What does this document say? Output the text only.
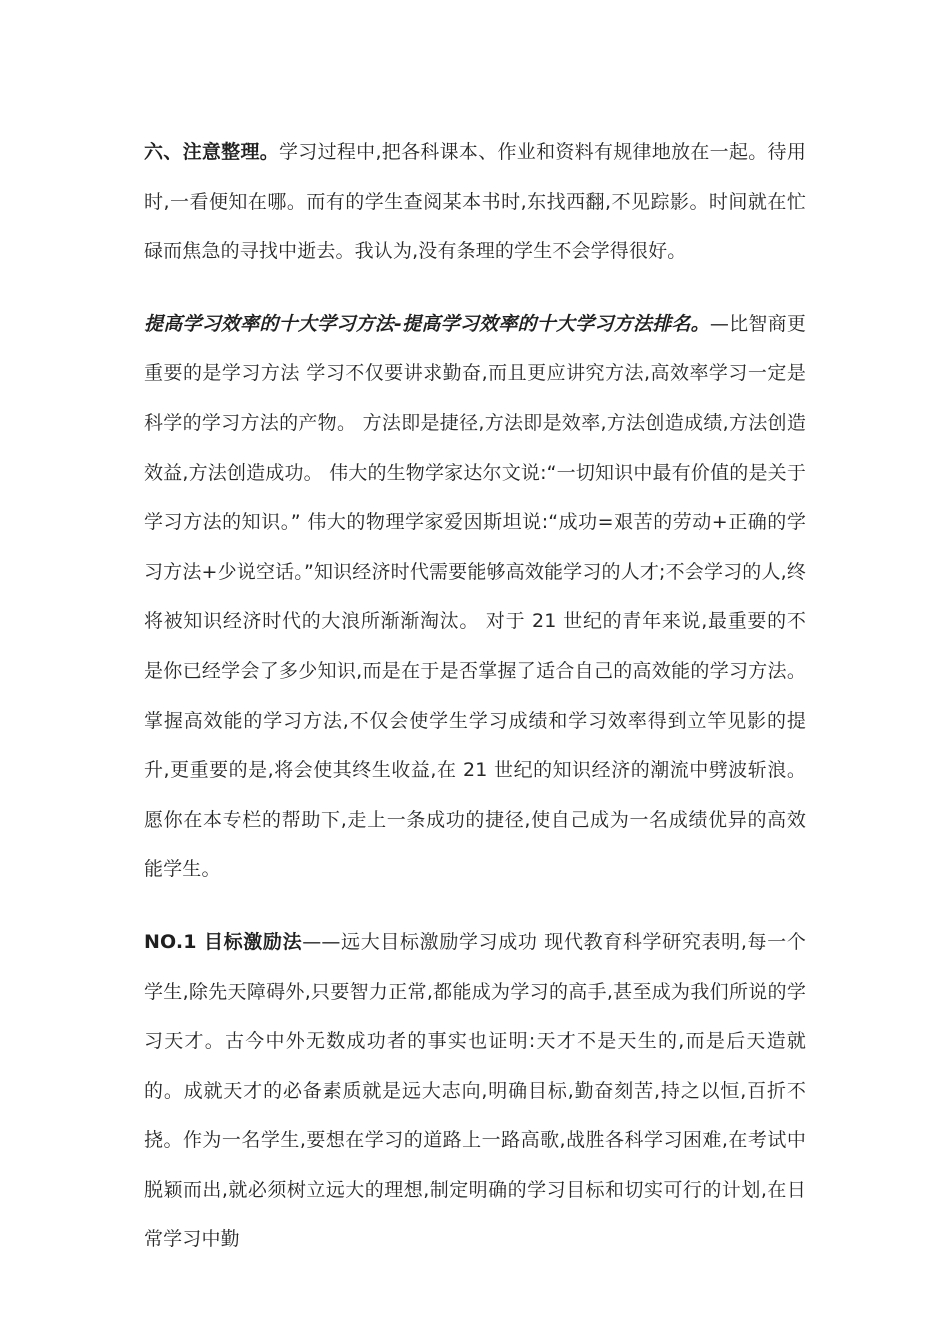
六、注意整理。学习过程中,把各科课本、作业和资料有规律地放在一起。待用时,一看便知在哪。而有的学生查阅某本书时,东找西翻,不见踪影。时间就在忙碌而焦急的寻找中逝去。我认为,没有条理的学生不会学得很好。

提高学习效率的十大学习方法-提高学习效率的十大学习方法排名。—比智商更重要的是学习方法 学习不仅要讲求勤奋,而且更应讲究方法,高效率学习一定是科学的学习方法的产物。 方法即是捷径,方法即是效率,方法创造成绩,方法创造效益,方法创造成功。 伟大的生物学家达尔文说:“一切知识中最有价值的是关于学习方法的知识。” 伟大的物理学家爱因斯坦说:“成功=艰苦的劳动+正确的学习方法+少说空话。”知识经济时代需要能够高效能学习的人才;不会学习的人,终将被知识经济时代的大浪所渐渐淘汰。 对于 21 世纪的青年来说,最重要的不是你已经学会了多少知识,而是在于是否掌握了适合自己的高效能的学习方法。 掌握高效能的学习方法,不仅会使学生学习成绩和学习效率得到立竿见影的提升,更重要的是,将会使其终生收益,在 21 世纪的知识经济的潮流中劈波斩浪。 愿你在本专栏的帮助下,走上一条成功的捷径,使自己成为一名成绩优异的高效能学生。

NO.1 目标激励法——远大目标激励学习成功 现代教育科学研究表明,每一个学生,除先天障碍外,只要智力正常,都能成为学习的高手,甚至成为我们所说的学习天才。古今中外无数成功者的事实也证明:天才不是天生的,而是后天造就的。成就天才的必备素质就是远大志向,明确目标,勤奋刻苦,持之以恒,百折不挠。作为一名学生,要想在学习的道路上一路高歌,战胜各科学习困难,在考试中脱颖而出,就必须树立远大的理想,制定明确的学习目标和切实可行的计划,在日常学习中勤
